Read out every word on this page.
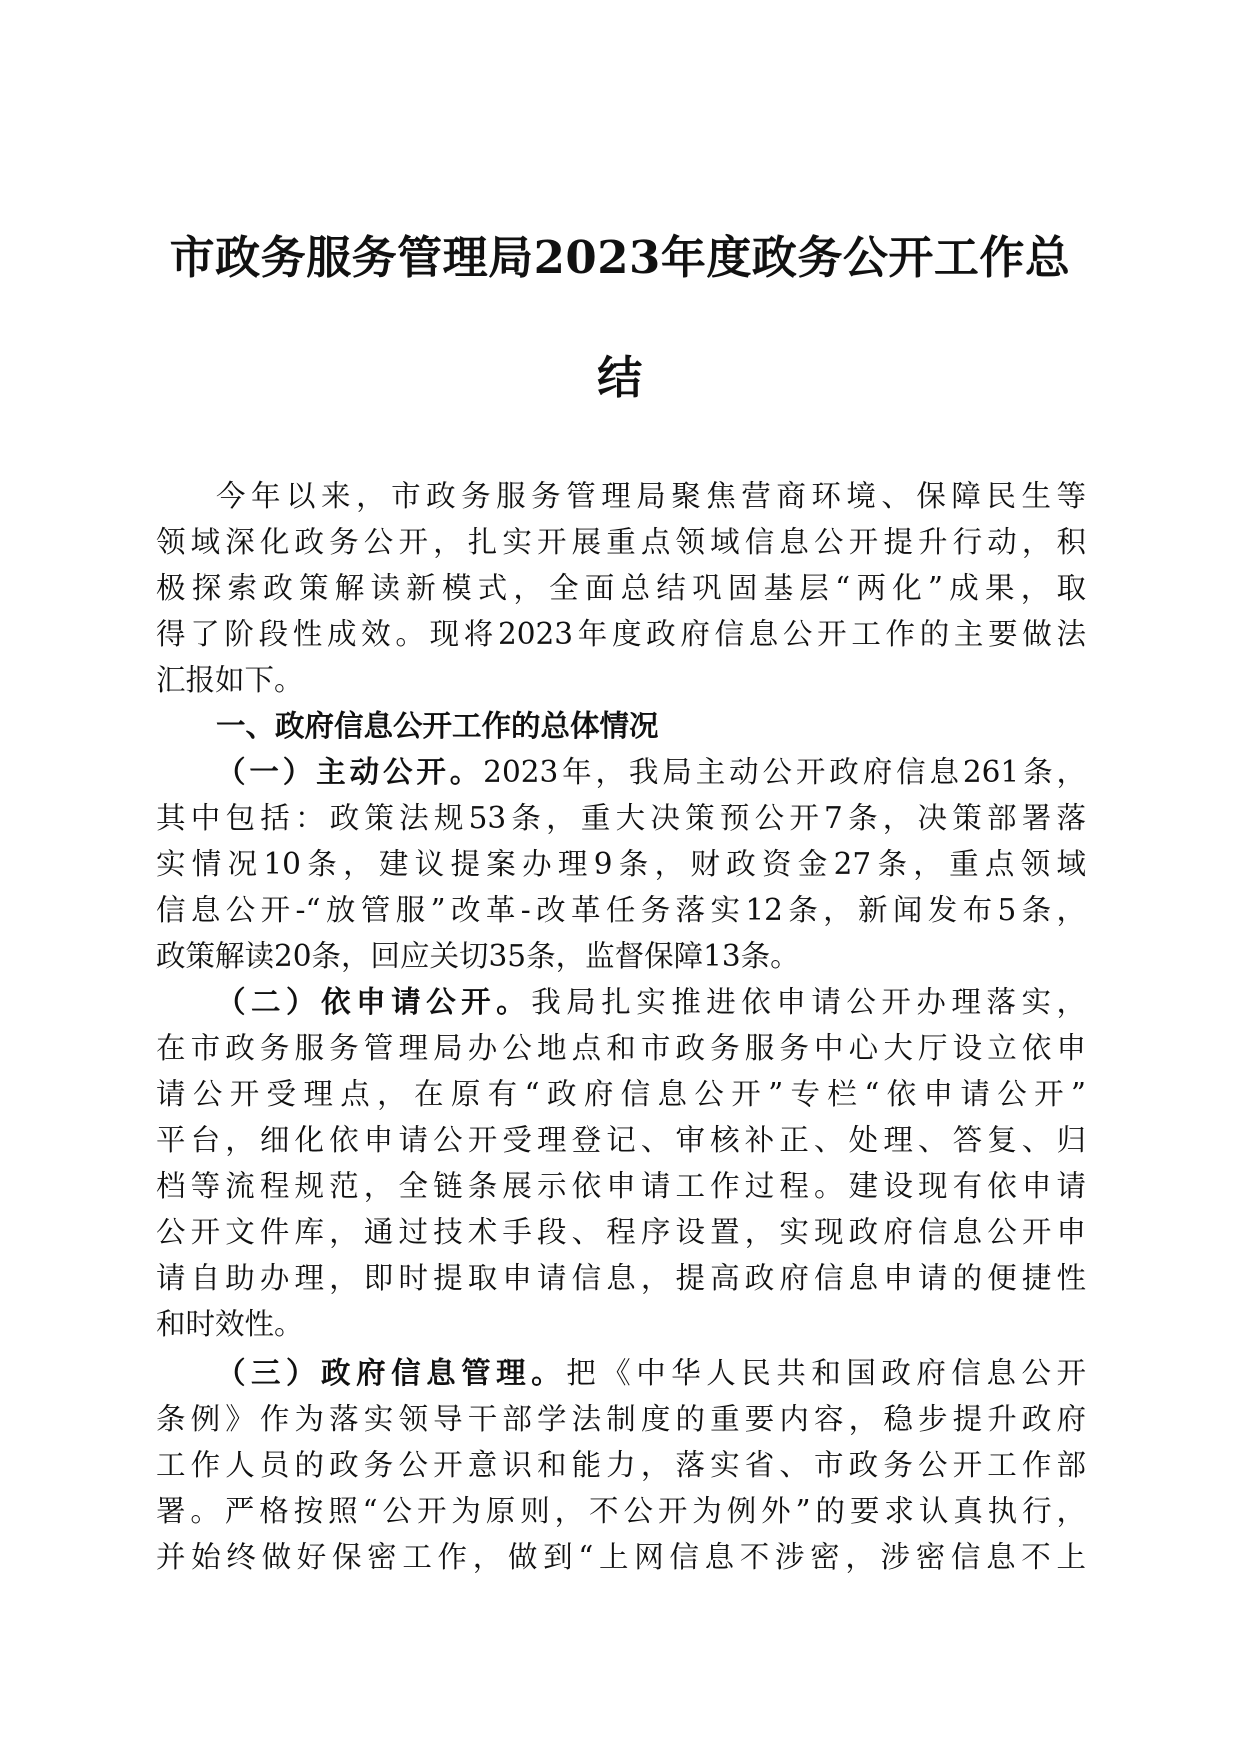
市政务服务管理局2023年度政务公开工作总
结
今年以来，市政务服务管理局聚焦营商环境、保障民生等
领域深化政务公开，扎实开展重点领域信息公开提升行动，积
极探索政策解读新模式，全面总结巩固基层“两化”成果，取
得了阶段性成效。现将2023年度政府信息公开工作的主要做法
汇报如下。
一、政府信息公开工作的总体情况
（一）主动公开。2023年，我局主动公开政府信息261条，
其中包括：政策法规53条，重大决策预公开7条，决策部署落
实情况10条，建议提案办理9条，财政资金27条，重点领域
信息公开-“放管服”改革-改革任务落实12条，新闻发布5条，
政策解读20条，回应关切35条，监督保障13条。
（二）依申请公开。我局扎实推进依申请公开办理落实，
在市政务服务管理局办公地点和市政务服务中心大厅设立依申
请公开受理点，在原有“政府信息公开”专栏“依申请公开”
平台，细化依申请公开受理登记、审核补正、处理、答复、归
档等流程规范，全链条展示依申请工作过程。建设现有依申请
公开文件库，通过技术手段、程序设置，实现政府信息公开申
请自助办理，即时提取申请信息，提高政府信息申请的便捷性
和时效性。
（三）政府信息管理。把《中华人民共和国政府信息公开
条例》作为落实领导干部学法制度的重要内容，稳步提升政府
工作人员的政务公开意识和能力，落实省、市政务公开工作部
署。严格按照“公开为原则，不公开为例外”的要求认真执行，
并始终做好保密工作，做到“上网信息不涉密，涉密信息不上
